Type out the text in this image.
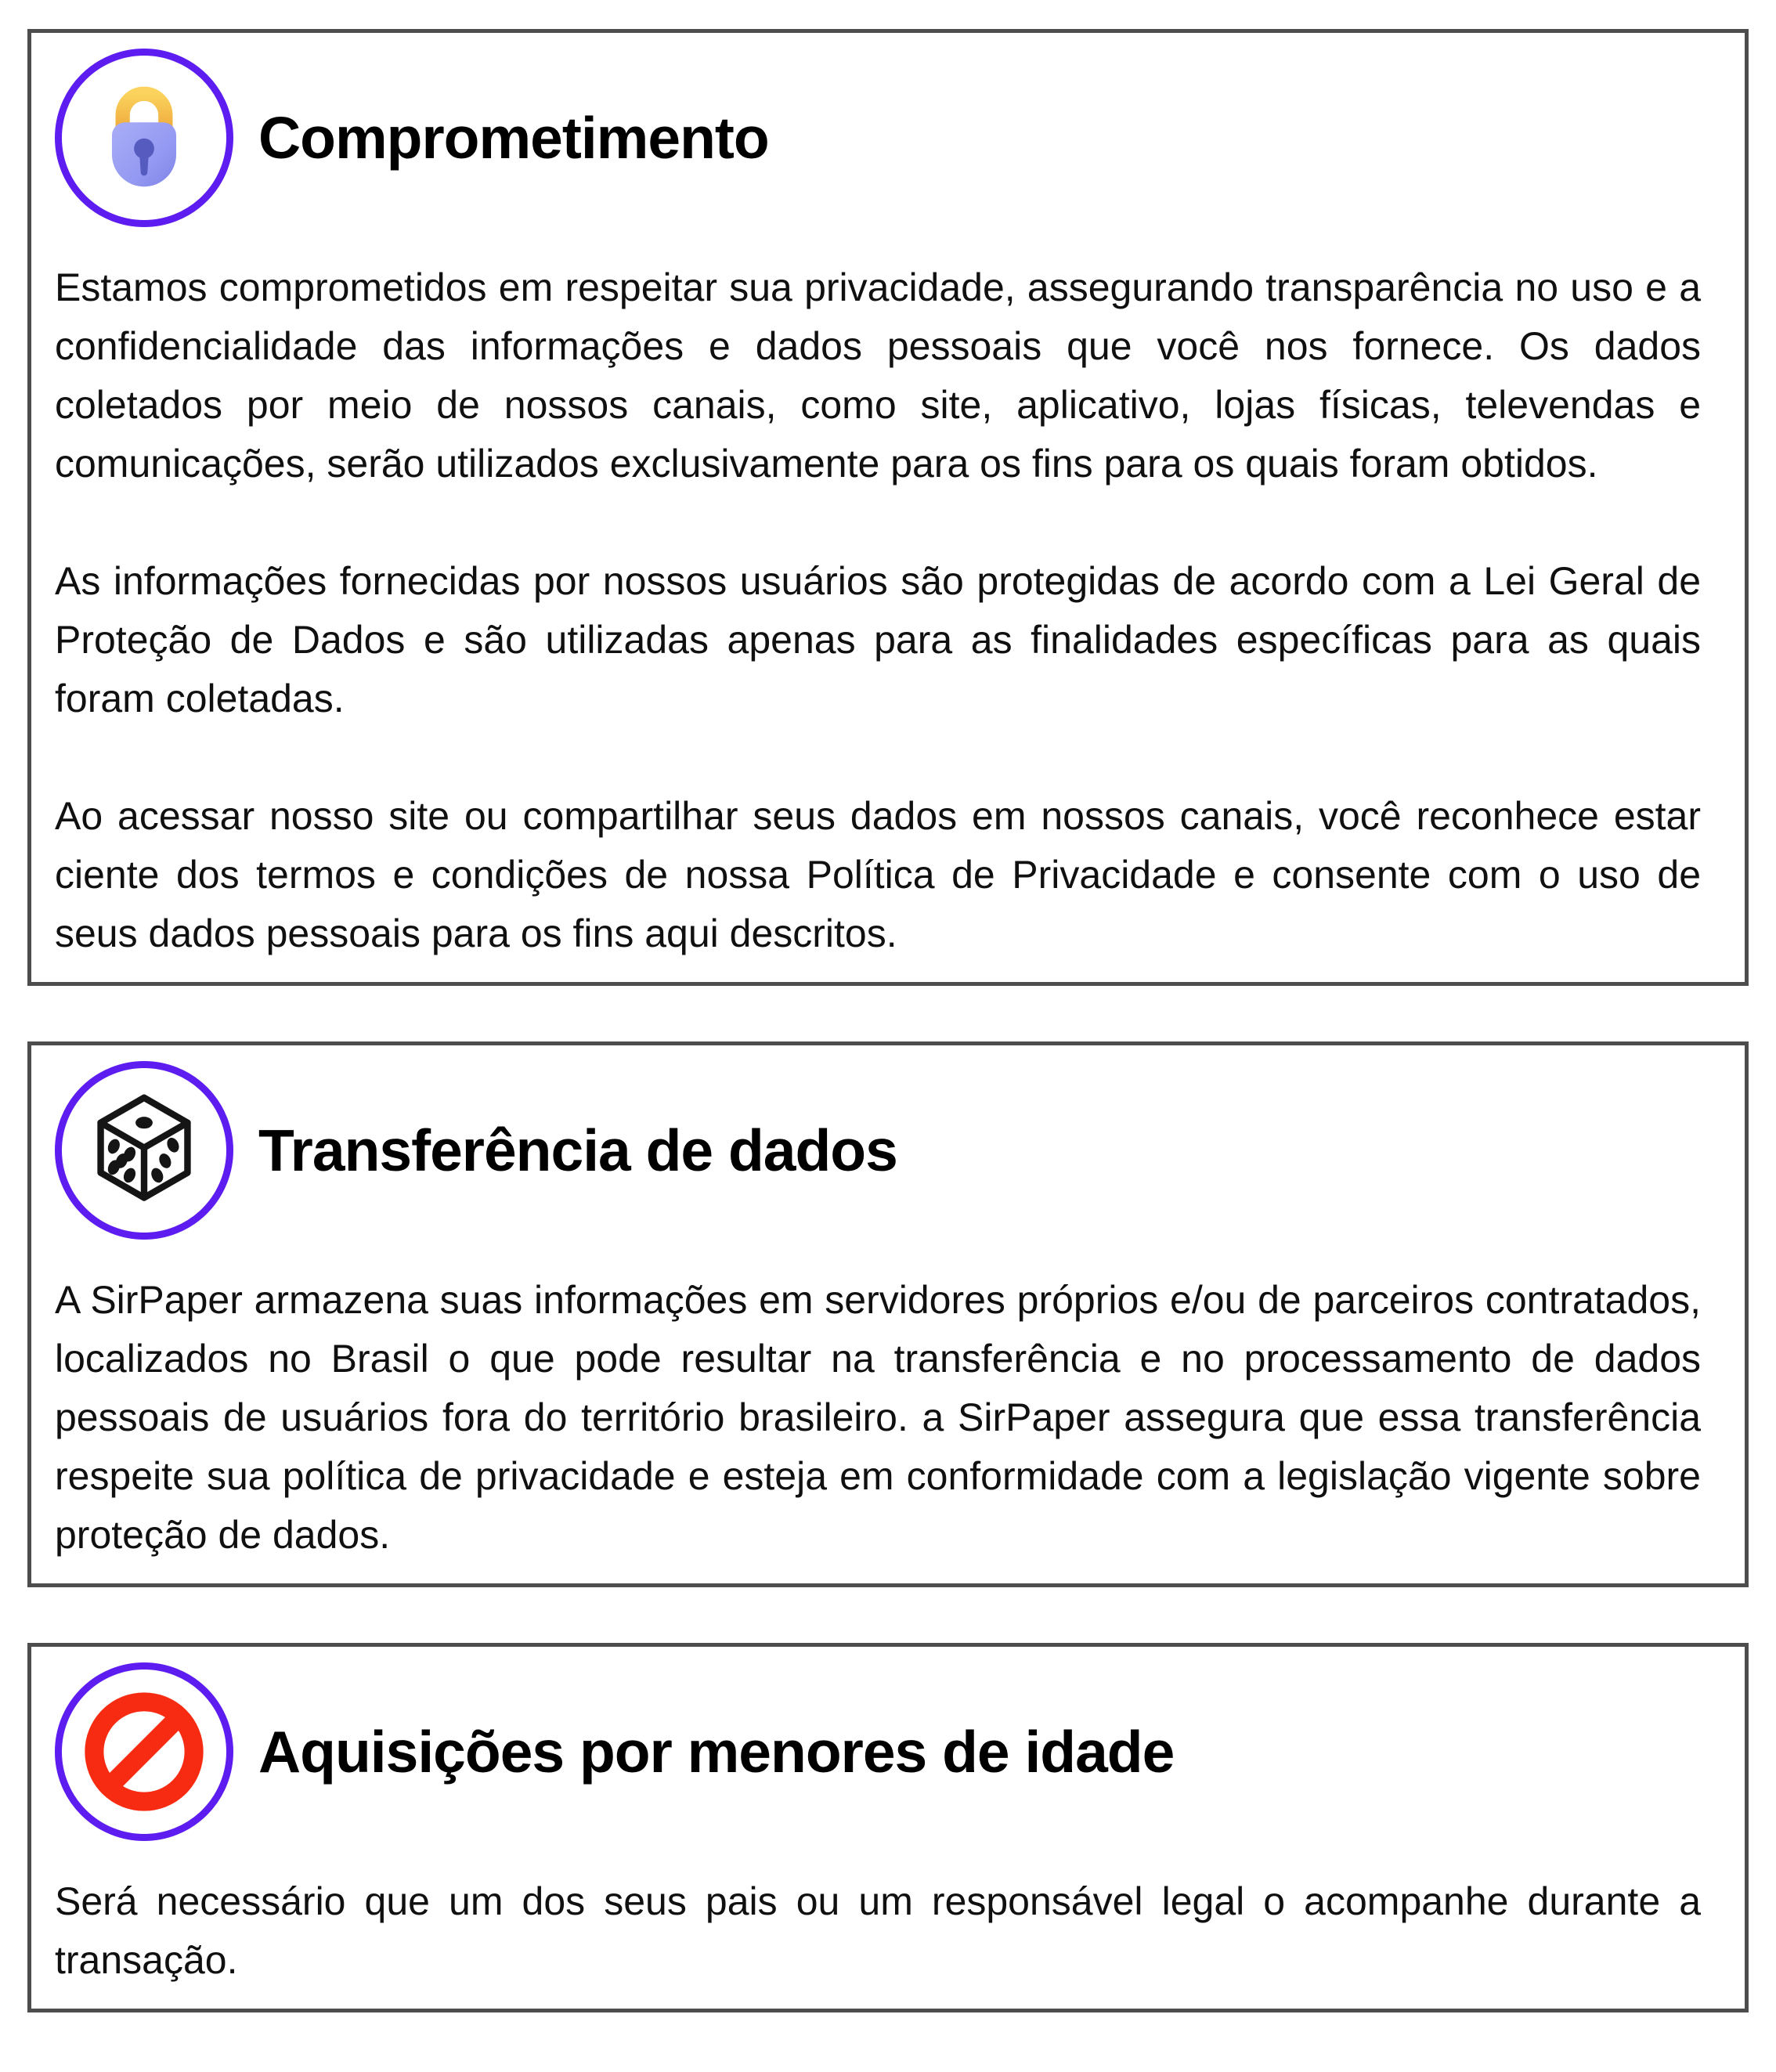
Comprometimento

Estamos comprometidos em respeitar sua privacidade, assegurando transparência no uso e a confidencialidade das informações e dados pessoais que você nos fornece. Os dados coletados por meio de nossos canais, como site, aplicativo, lojas físicas, televendas e comunicações, serão utilizados exclusivamente para os fins para os quais foram obtidos.

As informações fornecidas por nossos usuários são protegidas de acordo com a Lei Geral de Proteção de Dados e são utilizadas apenas para as finalidades específicas para as quais foram coletadas.

Ao acessar nosso site ou compartilhar seus dados em nossos canais, você reconhece estar ciente dos termos e condições de nossa Política de Privacidade e consente com o uso de seus dados pessoais para os fins aqui descritos.

Transferência de dados

A SirPaper armazena suas informações em servidores próprios e/ou de parceiros contratados, localizados no Brasil o que pode resultar na transferência e no processamento de dados pessoais de usuários fora do território brasileiro. a SirPaper assegura que essa transferência respeite sua política de privacidade e esteja em conformidade com a legislação vigente sobre proteção de dados.

Aquisições por menores de idade

Será necessário que um dos seus pais ou um responsável legal o acompanhe durante a transação.
